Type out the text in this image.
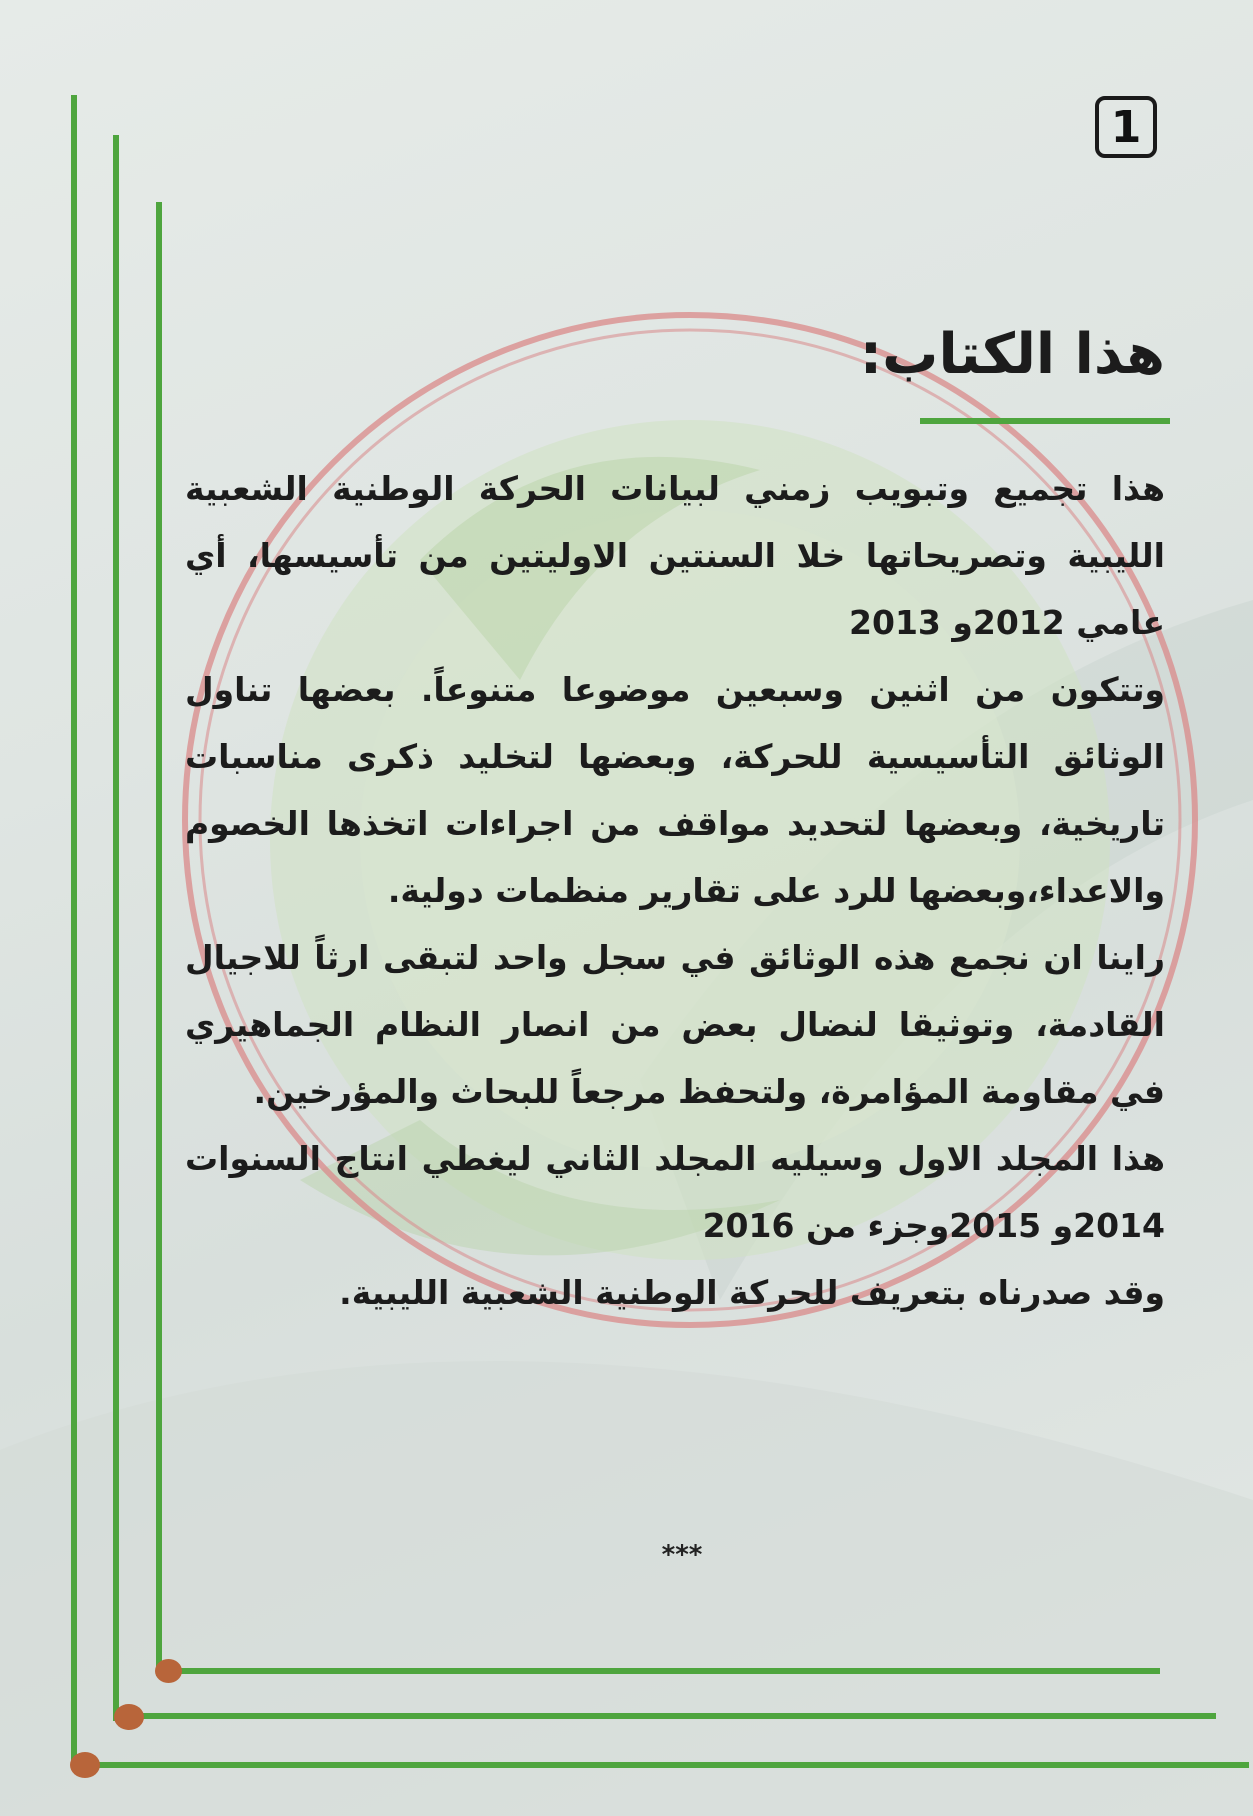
1
هذا الكتاب:

هذا تجميع وتبويب زمني لبيانات الحركة الوطنية الشعبية الليبية وتصريحاتها خلا السنتين الاوليتين من تأسيسها، أي عامي 2012و 2013

وتتكون من اثنين وسبعين موضوعا متنوعاً. بعضها تناول الوثائق التأسيسية للحركة، وبعضها لتخليد ذكرى مناسبات تاريخية، وبعضها لتحديد مواقف من اجراءات اتخذها الخصوم والاعداء،وبعضها للرد على تقارير منظمات دولية.

راينا ان نجمع هذه الوثائق في سجل واحد لتبقى ارثاً للاجيال القادمة، وتوثيقا لنضال بعض من انصار النظام الجماهيري في مقاومة المؤامرة، ولتحفظ مرجعاً للبحاث والمؤرخين.

هذا المجلد الاول وسيليه المجلد الثاني ليغطي انتاج السنوات 2014و 2015وجزء من 2016

وقد صدرناه بتعريف للحركة الوطنية الشعبية الليبية.

***
